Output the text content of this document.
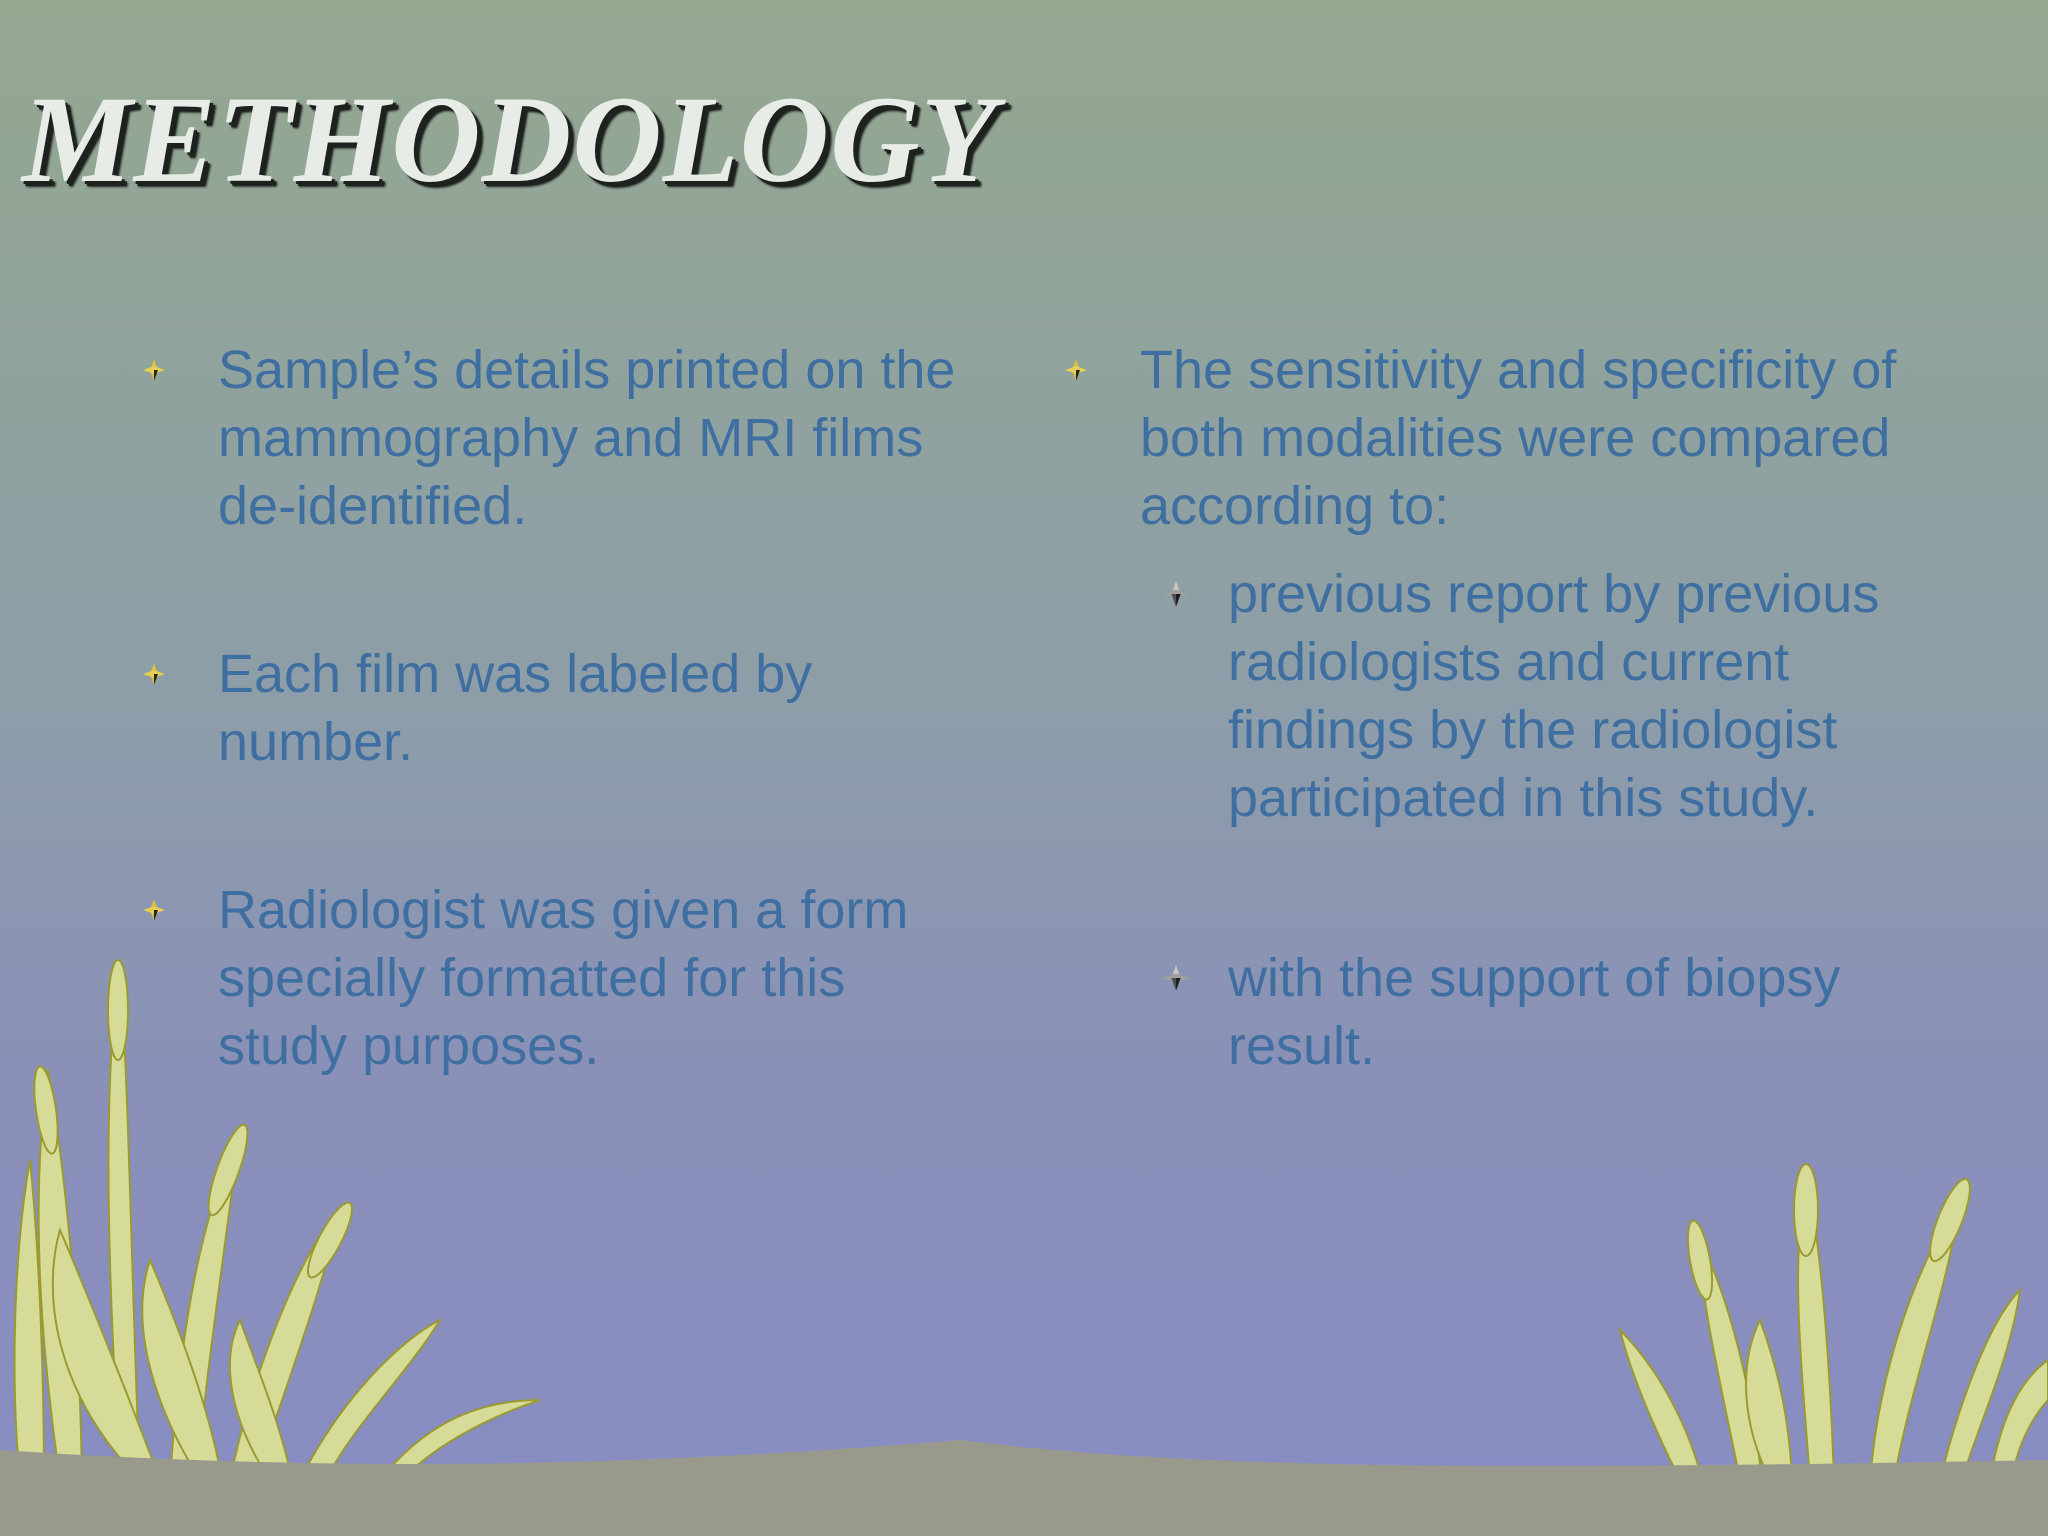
METHODOLOGY
Sample’s details printed on the mammography and MRI films de-identified.
Each film was labeled by number.
Radiologist was given a form specially formatted for this study purposes.
The sensitivity and specificity of both modalities were compared according to:
previous report by previous radiologists and current findings by the radiologist participated in this study.
with the support of biopsy result.
